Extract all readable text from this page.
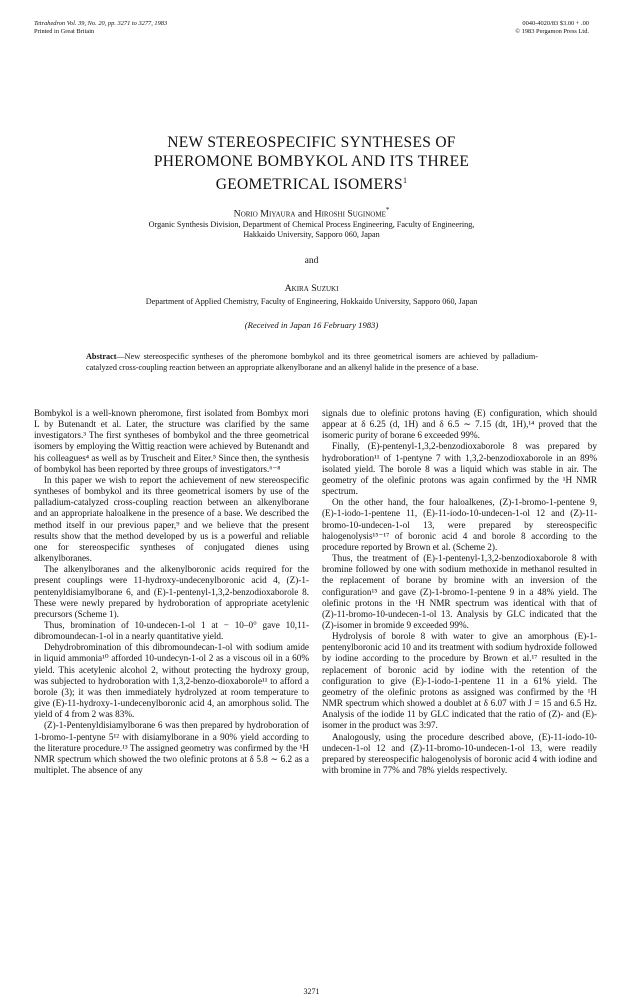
Tetrahedron Vol. 39, No. 20, pp. 3271 to 3277, 1983
Printed in Great Britain
0040-4020/83 $3.00 + .00
© 1983 Pergamon Press Ltd.
NEW STEREOSPECIFIC SYNTHESES OF
PHEROMONE BOMBYKOL AND ITS THREE
GEOMETRICAL ISOMERS$^1$
Norio Miyaura and Hiroshi Suginome*
Organic Synthesis Division, Department of Chemical Process Engineering, Faculty of Engineering,
Hakkaido University, Sapporo 060, Japan
and
Akira Suzuki
Department of Applied Chemistry, Faculty of Engineering, Hokkaido University, Sapporo 060, Japan
(Received in Japan 16 February 1983)
Abstract—New stereospecific syntheses of the pheromone bombykol and its three geometrical isomers are achieved by palladium-catalyzed cross-coupling reaction between an appropriate alkenylborane and an alkenyl halide in the presence of a base.

Bombykol is a well-known pheromone, first isolated from Bombyx mori L by Butenandt et al. Later, the structure was clarified by the same investigators.³ The first syntheses of bombykol and the three geometrical isomers by employing the Wittig reaction were achieved by Butenandt and his colleagues⁴ as well as by Truscheit and Eiter.⁵ Since then, the synthesis of bombykol has been reported by three groups of investigators.⁶⁻⁸

In this paper we wish to report the achievement of new stereospecific syntheses of bombykol and its three geometrical isomers by use of the palladium-catalyzed cross-coupling reaction between an alkenylborane and an appropriate haloalkene in the presence of a base. We described the method itself in our previous paper,⁹ and we believe that the present results show that the method developed by us is a powerful and reliable one for stereospecific syntheses of conjugated dienes using alkenylboranes.

The alkenylboranes and the alkenylboronic acids required for the present couplings were 11-hydroxy-undecenylboronic acid 4, (Z)-1-pentenyldisiamylborane 6, and (E)-1-pentenyl-1,3,2-benzodioxaborole 8. These were newly prepared by hydroboration of appropriate acetylenic precursors (Scheme 1).

Thus, bromination of 10-undecen-1-ol 1 at − 10–0° gave 10,11-dibromoundecan-1-ol in a nearly quantitative yield.

Dehydrobromination of this dibromoundecan-1-ol with sodium amide in liquid ammonia¹⁰ afforded 10-undecyn-1-ol 2 as a viscous oil in a 60% yield. This acetylenic alcohol 2, without protecting the hydroxy group, was subjected to hydroboration with 1,3,2-benzo-dioxaborole¹¹ to afford a borole (3); it was then immediately hydrolyzed at room temperature to give (E)-11-hydroxy-1-undecenylboronic acid 4, an amorphous solid. The yield of 4 from 2 was 83%.

(Z)-1-Pentenyldisiamylborane 6 was then prepared by hydroboration of 1-bromo-1-pentyne 5¹² with disiamylborane in a 90% yield according to the literature procedure.¹³ The assigned geometry was confirmed by the ¹H NMR spectrum which showed the two olefinic protons at δ 5.8 ∼ 6.2 as a multiplet. The absence of any

signals due to olefinic protons having (E) configuration, which should appear at δ 6.25 (d, 1H) and δ 6.5 ∼ 7.15 (dt, 1H),¹⁴ proved that the isomeric purity of borane 6 exceeded 99%.

Finally, (E)-pentenyl-1,3,2-benzodioxaborole 8 was prepared by hydroboration¹¹ of 1-pentyne 7 with 1,3,2-benzodioxaborole in an 89% isolated yield. The borole 8 was a liquid which was stable in air. The geometry of the olefinic protons was again confirmed by the ¹H NMR spectrum.

On the other hand, the four haloalkenes, (Z)-1-bromo-1-pentene 9, (E)-1-iodo-1-pentene 11, (E)-11-iodo-10-undecen-1-ol 12 and (Z)-11-bromo-10-undecen-1-ol 13, were prepared by stereospecific halogenolysis¹⁵⁻¹⁷ of boronic acid 4 and borole 8 according to the procedure reported by Brown et al. (Scheme 2).

Thus, the treatment of (E)-1-pentenyl-1,3,2-benzodioxaborole 8 with bromine followed by one with sodium methoxide in methanol resulted in the replacement of borane by bromine with an inversion of the configuration¹⁵ and gave (Z)-1-bromo-1-pentene 9 in a 48% yield. The olefinic protons in the ¹H NMR spectrum was identical with that of (Z)-11-bromo-10-undecen-1-ol 13. Analysis by GLC indicated that the (Z)-isomer in bromide 9 exceeded 99%.

Hydrolysis of borole 8 with water to give an amorphous (E)-1-pentenylboronic acid 10 and its treatment with sodium hydroxide followed by iodine according to the procedure by Brown et al.¹⁷ resulted in the replacement of boronic acid by iodine with the retention of the configuration to give (E)-1-iodo-1-pentene 11 in a 61% yield. The geometry of the olefinic protons as assigned was confirmed by the ¹H NMR spectrum which showed a doublet at δ 6.07 with J = 15 and 6.5 Hz. Analysis of the iodide 11 by GLC indicated that the ratio of (Z)- and (E)-isomer in the product was 3:97.

Analogously, using the procedure described above, (E)-11-iodo-10-undecen-1-ol 12 and (Z)-11-bromo-10-undecen-1-ol 13, were readily prepared by stereospecific halogenolysis of boronic acid 4 with iodine and with bromine in 77% and 78% yields respectively.

3271
